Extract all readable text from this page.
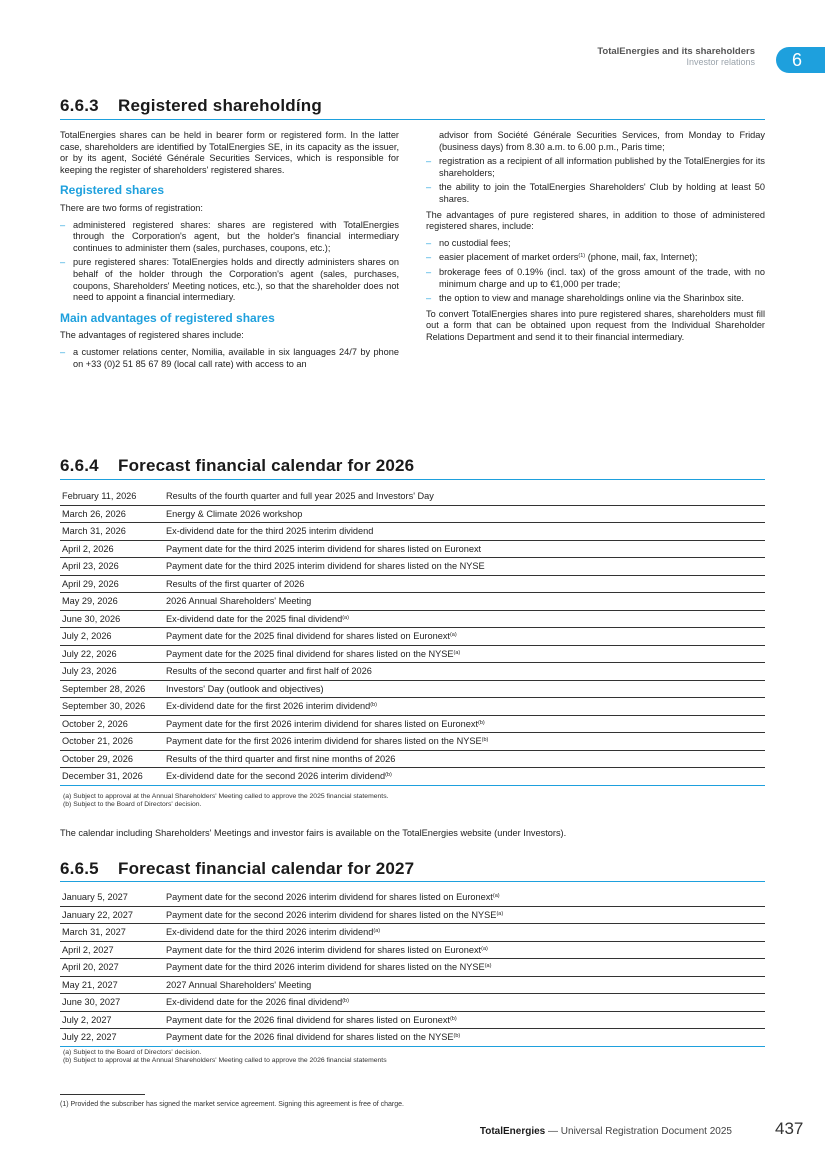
TotalEnergies and its shareholders
Investor relations	6
6.6.3 Registered shareholdíng

TotalEnergies shares can be held in bearer form or registered form. In the latter case, shareholders are identified by TotalEnergies SE, in its capacity as the issuer, or by its agent, Société Générale Securities Services, which is responsible for keeping the register of shareholders' registered shares.

Registered shares

There are two forms of registration:

– administered registered shares: shares are registered with TotalEnergies through the Corporation's agent, but the holder's financial intermediary continues to administer them (sales, purchases, coupons, etc.);
– pure registered shares: TotalEnergies holds and directly administers shares on behalf of the holder through the Corporation's agent (sales, purchases, coupons, Shareholders' Meeting notices, etc.), so that the shareholder does not need to appoint a financial intermediary.
Main advantages of registered shares

The advantages of registered shares include:

– a customer relations center, Nomilia, available in six languages 24/7 by phone on +33 (0)2 51 85 67 89 (local call rate) with access to an
advisor from Société Générale Securities Services, from Monday to Friday (business days) from 8.30 a.m. to 6.00 p.m., Paris time;
– registration as a recipient of all information published by the TotalEnergies for its shareholders;
– the ability to join the TotalEnergies Shareholders' Club by holding at least 50 shares.

The advantages of pure registered shares, in addition to those of administered registered shares, include:

– no custodial fees;
– easier placement of market orders$^{(1)}$ (phone, mail, fax, Internet);
– brokerage fees of 0.19% (incl. tax) of the gross amount of the trade, with no minimum charge and up to €1,000 per trade;
– the option to view and manage shareholdings online via the Sharinbox site.

To convert TotalEnergies shares into pure registered shares, shareholders must fill out a form that can be obtained upon request from the Individual Shareholder Relations Department and send it to their financial intermediary.

6.6.4 Forecast financial calendar for 2026
February 11, 2026	Results of the fourth quarter and full year 2025 and Investors' Day
March 26, 2026	Energy & Climate 2026 workshop
March 31, 2026	Ex-dividend date for the third 2025 interim dividend
April 2, 2026	Payment date for the third 2025 interim dividend for shares listed on Euronext
April 23, 2026	Payment date for the third 2025 interim dividend for shares listed on the NYSE
April 29, 2026	Results of the first quarter of 2026
May 29, 2026	2026 Annual Shareholders' Meeting
June 30, 2026	Ex-dividend date for the 2025 final dividend$^{(a)}$
July 2, 2026	Payment date for the 2025 final dividend for shares listed on Euronext$^{(a)}$
July 22, 2026	Payment date for the 2025 final dividend for shares listed on the NYSE$^{(a)}$
July 23, 2026	Results of the second quarter and first half of 2026
September 28, 2026	Investors' Day (outlook and objectives)
September 30, 2026	Ex-dividend date for the first 2026 interim dividend$^{(b)}$
October 2, 2026	Payment date for the first 2026 interim dividend for shares listed on Euronext$^{(b)}$
October 21, 2026	Payment date for the first 2026 interim dividend for shares listed on the NYSE$^{(b)}$
October 29, 2026	Results of the third quarter and first nine months of 2026
December 31, 2026	Ex-dividend date for the second 2026 interim dividend$^{(b)}$
(a) Subject to approval at the Annual Shareholders' Meeting called to approve the 2025 financial statements.
(b) Subject to the Board of Directors' decision.
The calendar including Shareholders' Meetings and investor fairs is available on the TotalEnergies website (under Investors).
6.6.5 Forecast financial calendar for 2027
January 5, 2027	Payment date for the second 2026 interim dividend for shares listed on Euronext$^{(a)}$
January 22, 2027	Payment date for the second 2026 interim dividend for shares listed on the NYSE$^{(a)}$
March 31, 2027	Ex-dividend date for the third 2026 interim dividend$^{(a)}$
April 2, 2027	Payment date for the third 2026 interim dividend for shares listed on Euronext$^{(a)}$
April 20, 2027	Payment date for the third 2026 interim dividend for shares listed on the NYSE$^{(a)}$
May 21, 2027	2027 Annual Shareholders' Meeting
June 30, 2027	Ex-dividend date for the 2026 final dividend$^{(b)}$
July 2, 2027	Payment date for the 2026 final dividend for shares listed on Euronext$^{(b)}$
July 22, 2027	Payment date for the 2026 final dividend for shares listed on the NYSE$^{(b)}$
(a) Subject to the Board of Directors' decision.
(b) Subject to approval at the Annual Shareholders' Meeting called to approve the 2026 financial statements
(1) Provided the subscriber has signed the market service agreement. Signing this agreement is free of charge.
TotalEnergies — Universal Registration Document 2025	437
